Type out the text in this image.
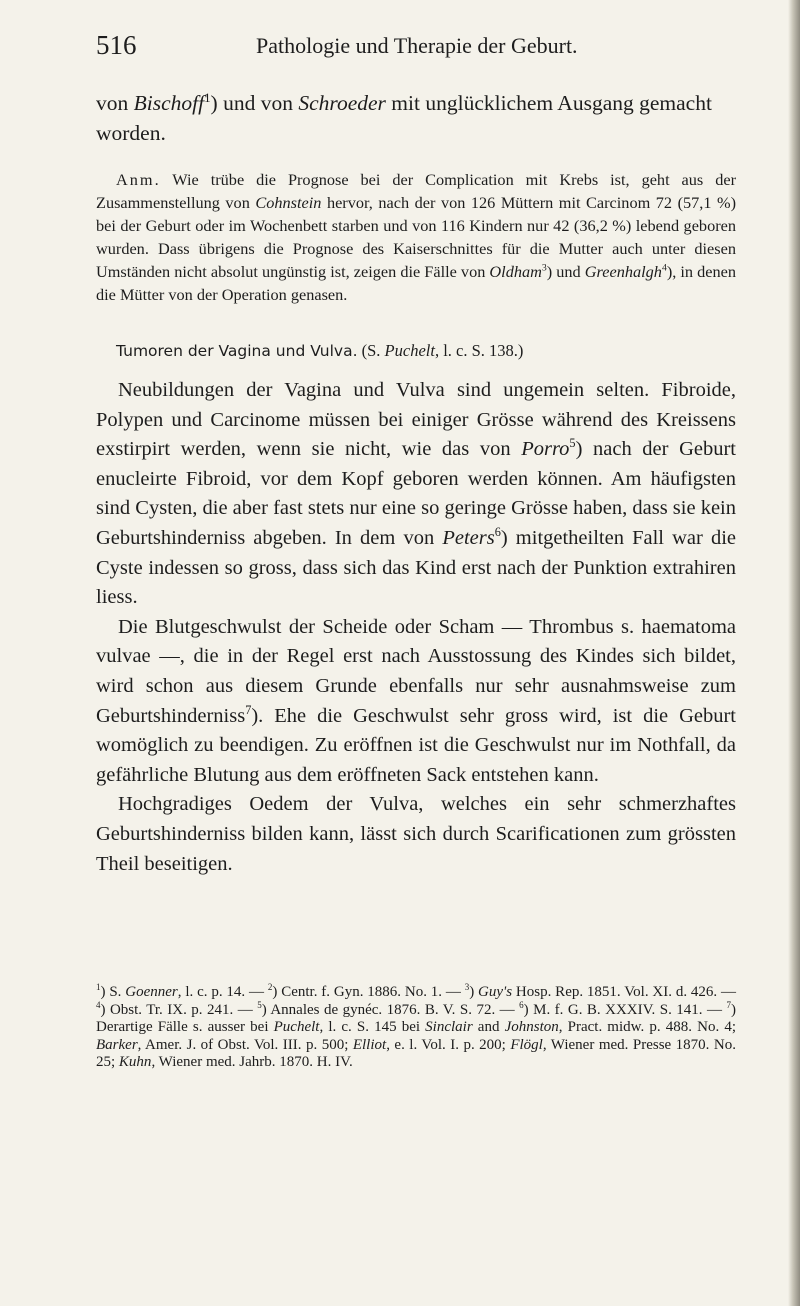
516	Pathologie und Therapie der Geburt.

von Bischoff$^1$) und von Schroeder mit unglücklichem Ausgang gemacht worden.

Anm. Wie trübe die Prognose bei der Complication mit Krebs ist, geht aus der Zusammenstellung von Cohnstein hervor, nach der von 126 Müttern mit Carcinom 72 (57,1 %) bei der Geburt oder im Wochenbett starben und von 116 Kindern nur 42 (36,2 %) lebend geboren wurden. Dass übrigens die Prognose des Kaiserschnittes für die Mutter auch unter diesen Umständen nicht absolut ungünstig ist, zeigen die Fälle von Oldham$^3$) und Greenhalgh$^4$), in denen die Mütter von der Operation genasen.

Tumoren der Vagina und Vulva. (S. Puchelt, l. c. S. 138.)

Neubildungen der Vagina und Vulva sind ungemein selten. Fibroide, Polypen und Carcinome müssen bei einiger Grösse während des Kreissens exstirpirt werden, wenn sie nicht, wie das von Porro$^5$) nach der Geburt enucleirte Fibroid, vor dem Kopf geboren werden können. Am häufigsten sind Cysten, die aber fast stets nur eine so geringe Grösse haben, dass sie kein Geburtshinderniss abgeben. In dem von Peters$^6$) mitgetheilten Fall war die Cyste indessen so gross, dass sich das Kind erst nach der Punktion extrahiren liess.

Die Blutgeschwulst der Scheide oder Scham — Thrombus s. haematoma vulvae —, die in der Regel erst nach Ausstossung des Kindes sich bildet, wird schon aus diesem Grunde ebenfalls nur sehr ausnahmsweise zum Geburtshinderniss$^7$). Ehe die Geschwulst sehr gross wird, ist die Geburt womöglich zu beendigen. Zu eröffnen ist die Geschwulst nur im Nothfall, da gefährliche Blutung aus dem eröffneten Sack entstehen kann.

Hochgradiges Oedem der Vulva, welches ein sehr schmerzhaftes Geburtshinderniss bilden kann, lässt sich durch Scarificationen zum grössten Theil beseitigen.

$^1$) S. Goenner, l. c. p. 14. — $^2$) Centr. f. Gyn. 1886. No. 1. — $^3$) Guy's Hosp. Rep. 1851. Vol. XI. d. 426. — $^4$) Obst. Tr. IX. p. 241. — $^5$) Annales de gynéc. 1876. B. V. S. 72. — $^6$) M. f. G. B. XXXIV. S. 141. — $^7$) Derartige Fälle s. ausser bei Puchelt, l. c. S. 145 bei Sinclair and Johnston, Pract. midw. p. 488. No. 4; Barker, Amer. J. of Obst. Vol. III. p. 500; Elliot, e. l. Vol. I. p. 200; Flögl, Wiener med. Presse 1870. No. 25; Kuhn, Wiener med. Jahrb. 1870. H. IV.
